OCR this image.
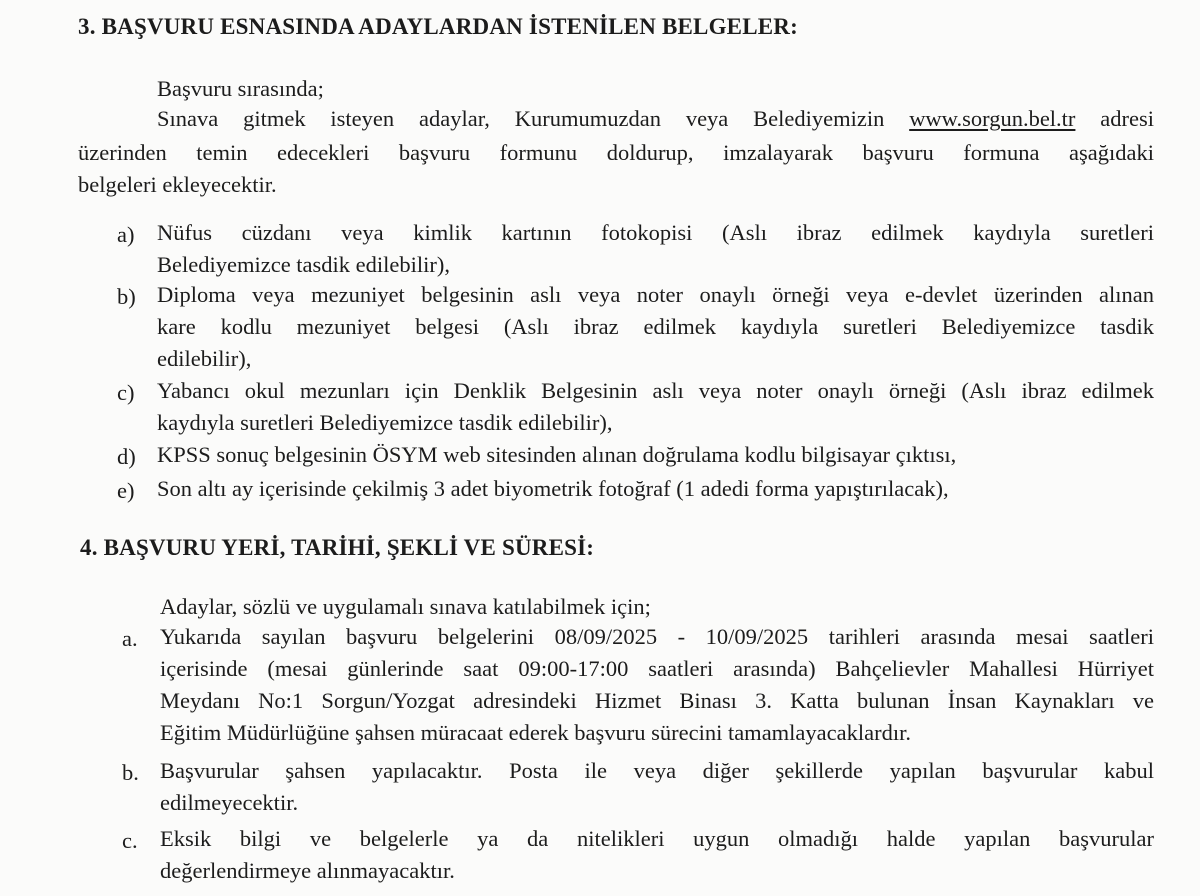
3. BAŞVURU ESNASINDA ADAYLARDAN İSTENİLEN BELGELER:
Başvuru sırasında;
Sınava gitmek isteyen adaylar, Kurumumuzdan veya Belediyemizin www.sorgun.bel.tr adresi
üzerinden temin edecekleri başvuru formunu doldurup, imzalayarak başvuru formuna aşağıdaki
belgeleri ekleyecektir.
a) Nüfus cüzdanı veya kimlik kartının fotokopisi (Aslı ibraz edilmek kaydıyla suretleri
Belediyemizce tasdik edilebilir),
b) Diploma veya mezuniyet belgesinin aslı veya noter onaylı örneği veya e-devlet üzerinden alınan
kare kodlu mezuniyet belgesi (Aslı ibraz edilmek kaydıyla suretleri Belediyemizce tasdik
edilebilir),
c) Yabancı okul mezunları için Denklik Belgesinin aslı veya noter onaylı örneği (Aslı ibraz edilmek
kaydıyla suretleri Belediyemizce tasdik edilebilir),
d) KPSS sonuç belgesinin ÖSYM web sitesinden alınan doğrulama kodlu bilgisayar çıktısı,
e) Son altı ay içerisinde çekilmiş 3 adet biyometrik fotoğraf (1 adedi forma yapıştırılacak),
4. BAŞVURU YERİ, TARİHİ, ŞEKLİ VE SÜRESİ:
Adaylar, sözlü ve uygulamalı sınava katılabilmek için;
a. Yukarıda sayılan başvuru belgelerini 08/09/2025 - 10/09/2025 tarihleri arasında mesai saatleri
içerisinde (mesai günlerinde saat 09:00-17:00 saatleri arasında) Bahçelievler Mahallesi Hürriyet
Meydanı No:1 Sorgun/Yozgat adresindeki Hizmet Binası 3. Katta bulunan İnsan Kaynakları ve
Eğitim Müdürlüğüne şahsen müracaat ederek başvuru sürecini tamamlayacaklardır.
b. Başvurular şahsen yapılacaktır. Posta ile veya diğer şekillerde yapılan başvurular kabul
edilmeyecektir.
c. Eksik bilgi ve belgelerle ya da nitelikleri uygun olmadığı halde yapılan başvurular
değerlendirmeye alınmayacaktır.
